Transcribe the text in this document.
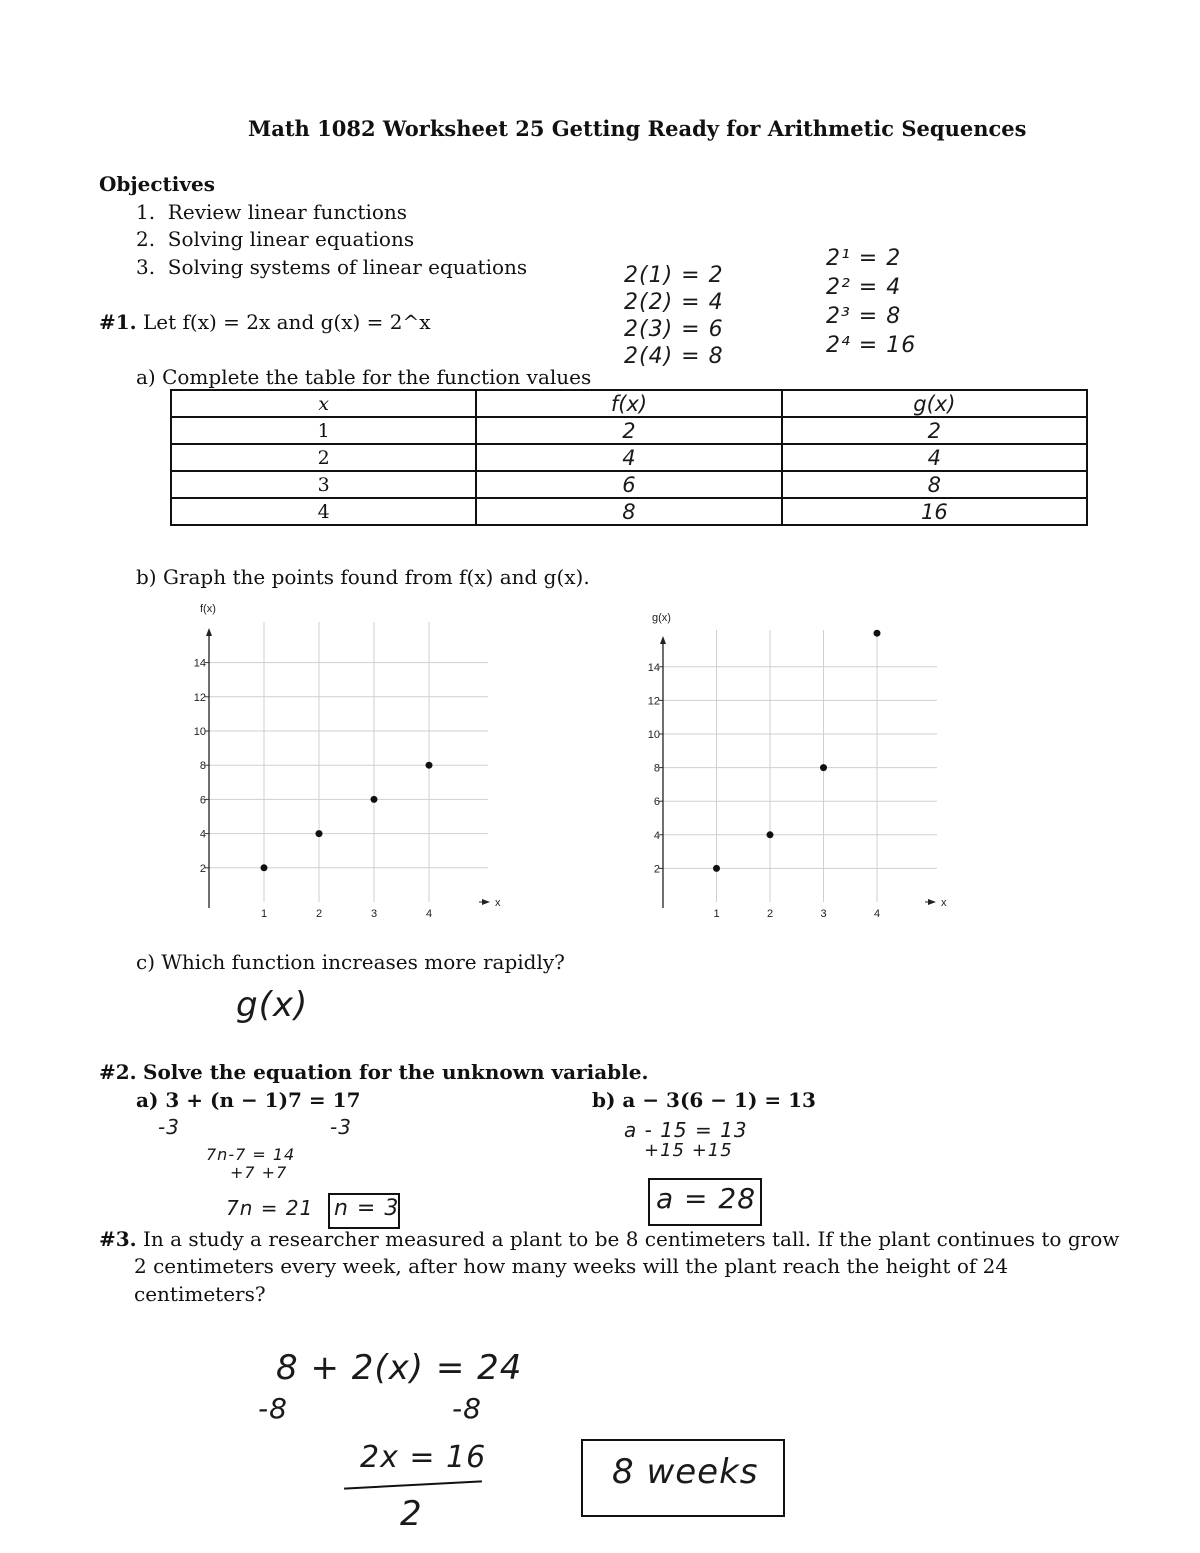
Math 1082 Worksheet 25 Getting Ready for Arithmetic Sequences
Objectives
1.  Review linear functions
2.  Solving linear equations
3.  Solving systems of linear equations
#1. Let f(x) = 2x and g(x) = 2^x
2(1) = 2
2(2) = 4
2(3) = 6
2(4) = 8
2¹ = 2
2² = 4
2³ = 8
2⁴ = 16
a) Complete the table for the function values
x	f(x)	g(x)
1	2	2
2	4	4
3	6	8
4	8	16
b) Graph the points found from f(x) and g(x).
2
4
6
8
10
12
14
1	2	3	4
f(x)
x
2
4
6
8
10
12
14
1	2	3	4
g(x)
x
c) Which function increases more rapidly?
g(x)
#2. Solve the equation for the unknown variable.
a) 3 + (n − 1)7 = 17	b) a − 3(6 − 1) = 13
-3	-3
7n-7 = 14
+7 +7
7n = 21 n = 3
a - 15 = 13
+15 +15
a = 28
#3. In a study a researcher measured a plant to be 8 centimeters tall. If the plant continues to grow
2 centimeters every week, after how many weeks will the plant reach the height of 24
centimeters?
8 + 2(x) = 24
-8	-8
2x = 16
2
8 weeks
